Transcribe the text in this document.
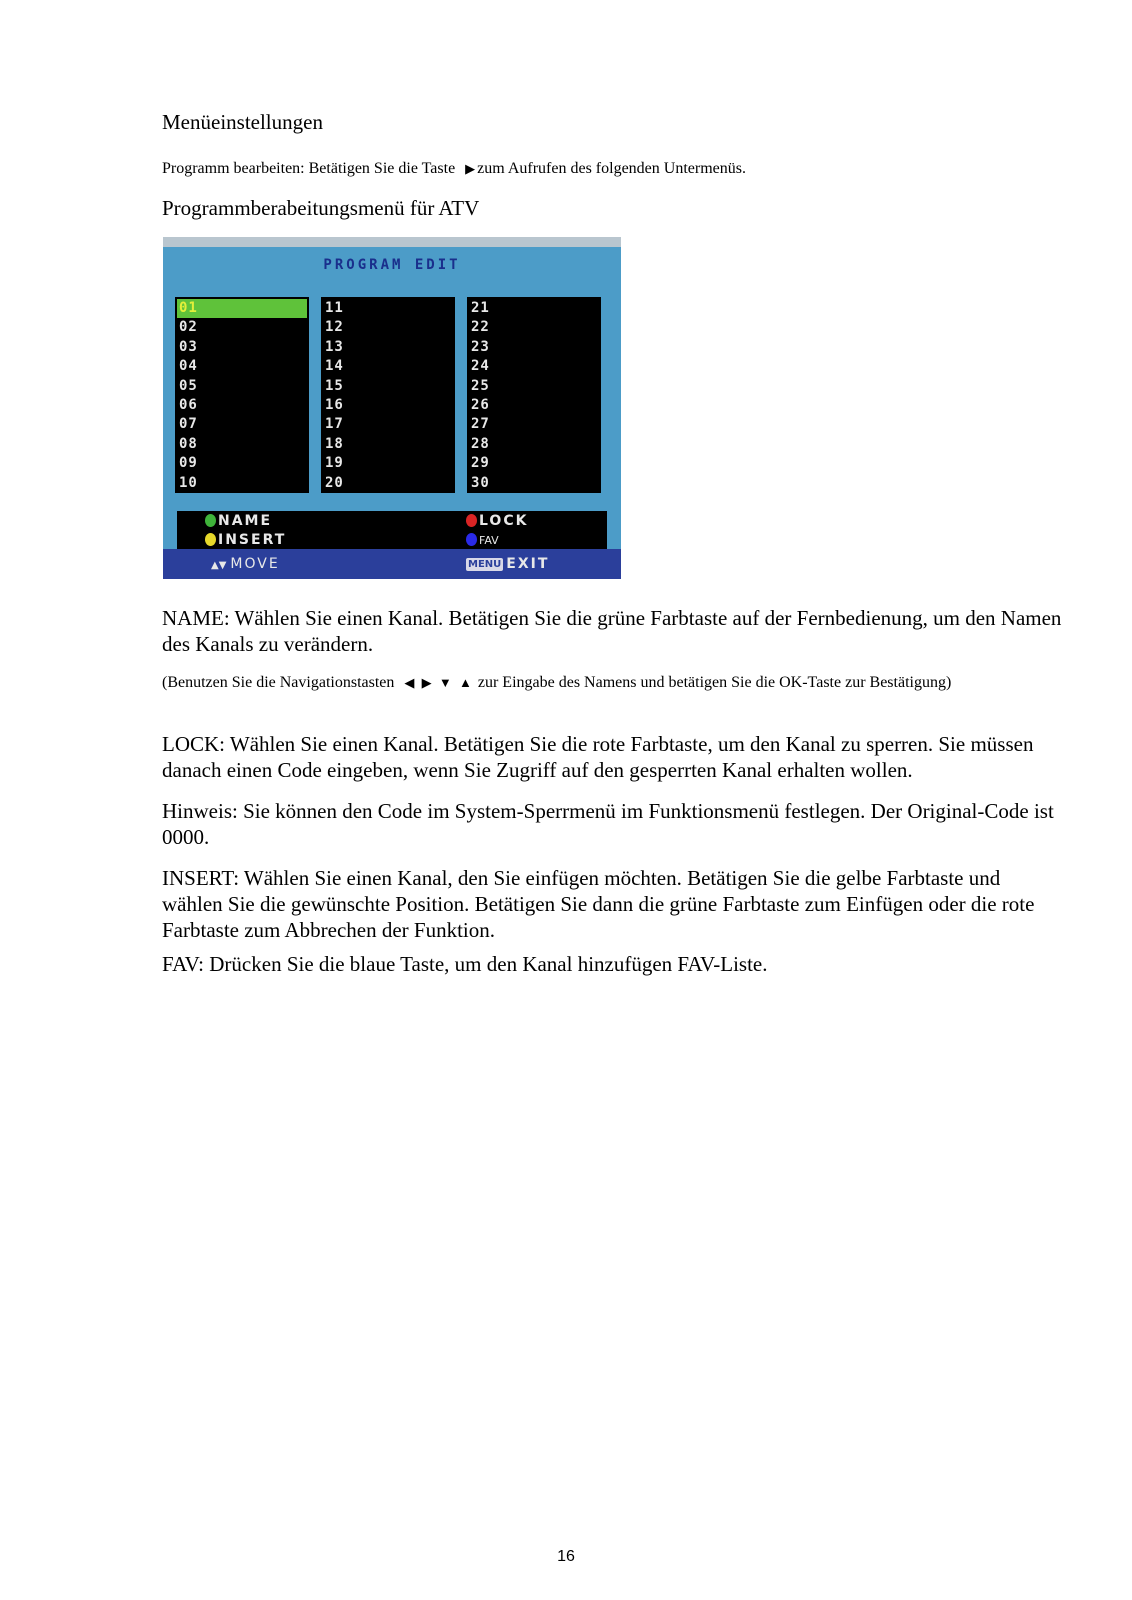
Menüeinstellungen

Programm bearbeiten: Betätigen Sie die Taste ▶ zum Aufrufen des folgenden Untermenüs.

Programmberabeitungsmenü für ATV

PROGRAM EDIT
01
02
03
04
05
06
07
08
09
10
11
12
13
14
15
16
17
18
19
20
21
22
23
24
25
26
27
28
29
30
NAME
INSERT
LOCK
FAV
▲▼ MOVE	MENU EXIT

NAME: Wählen Sie einen Kanal. Betätigen Sie die grüne Farbtaste auf der Fernbedienung, um den Namen des Kanals zu verändern.

(Benutzen Sie die Navigationstasten ◀ ▶ ▼ ▲ zur Eingabe des Namens und betätigen Sie die OK-Taste zur Bestätigung)

LOCK: Wählen Sie einen Kanal. Betätigen Sie die rote Farbtaste, um den Kanal zu sperren. Sie müssen danach einen Code eingeben, wenn Sie Zugriff auf den gesperrten Kanal erhalten wollen.

Hinweis: Sie können den Code im System-Sperrmenü im Funktionsmenü festlegen. Der Original-Code ist 0000.

INSERT: Wählen Sie einen Kanal, den Sie einfügen möchten. Betätigen Sie die gelbe Farbtaste und wählen Sie die gewünschte Position. Betätigen Sie dann die grüne Farbtaste zum Einfügen oder die rote Farbtaste zum Abbrechen der Funktion.

FAV: Drücken Sie die blaue Taste, um den Kanal hinzufügen FAV-Liste.

16
